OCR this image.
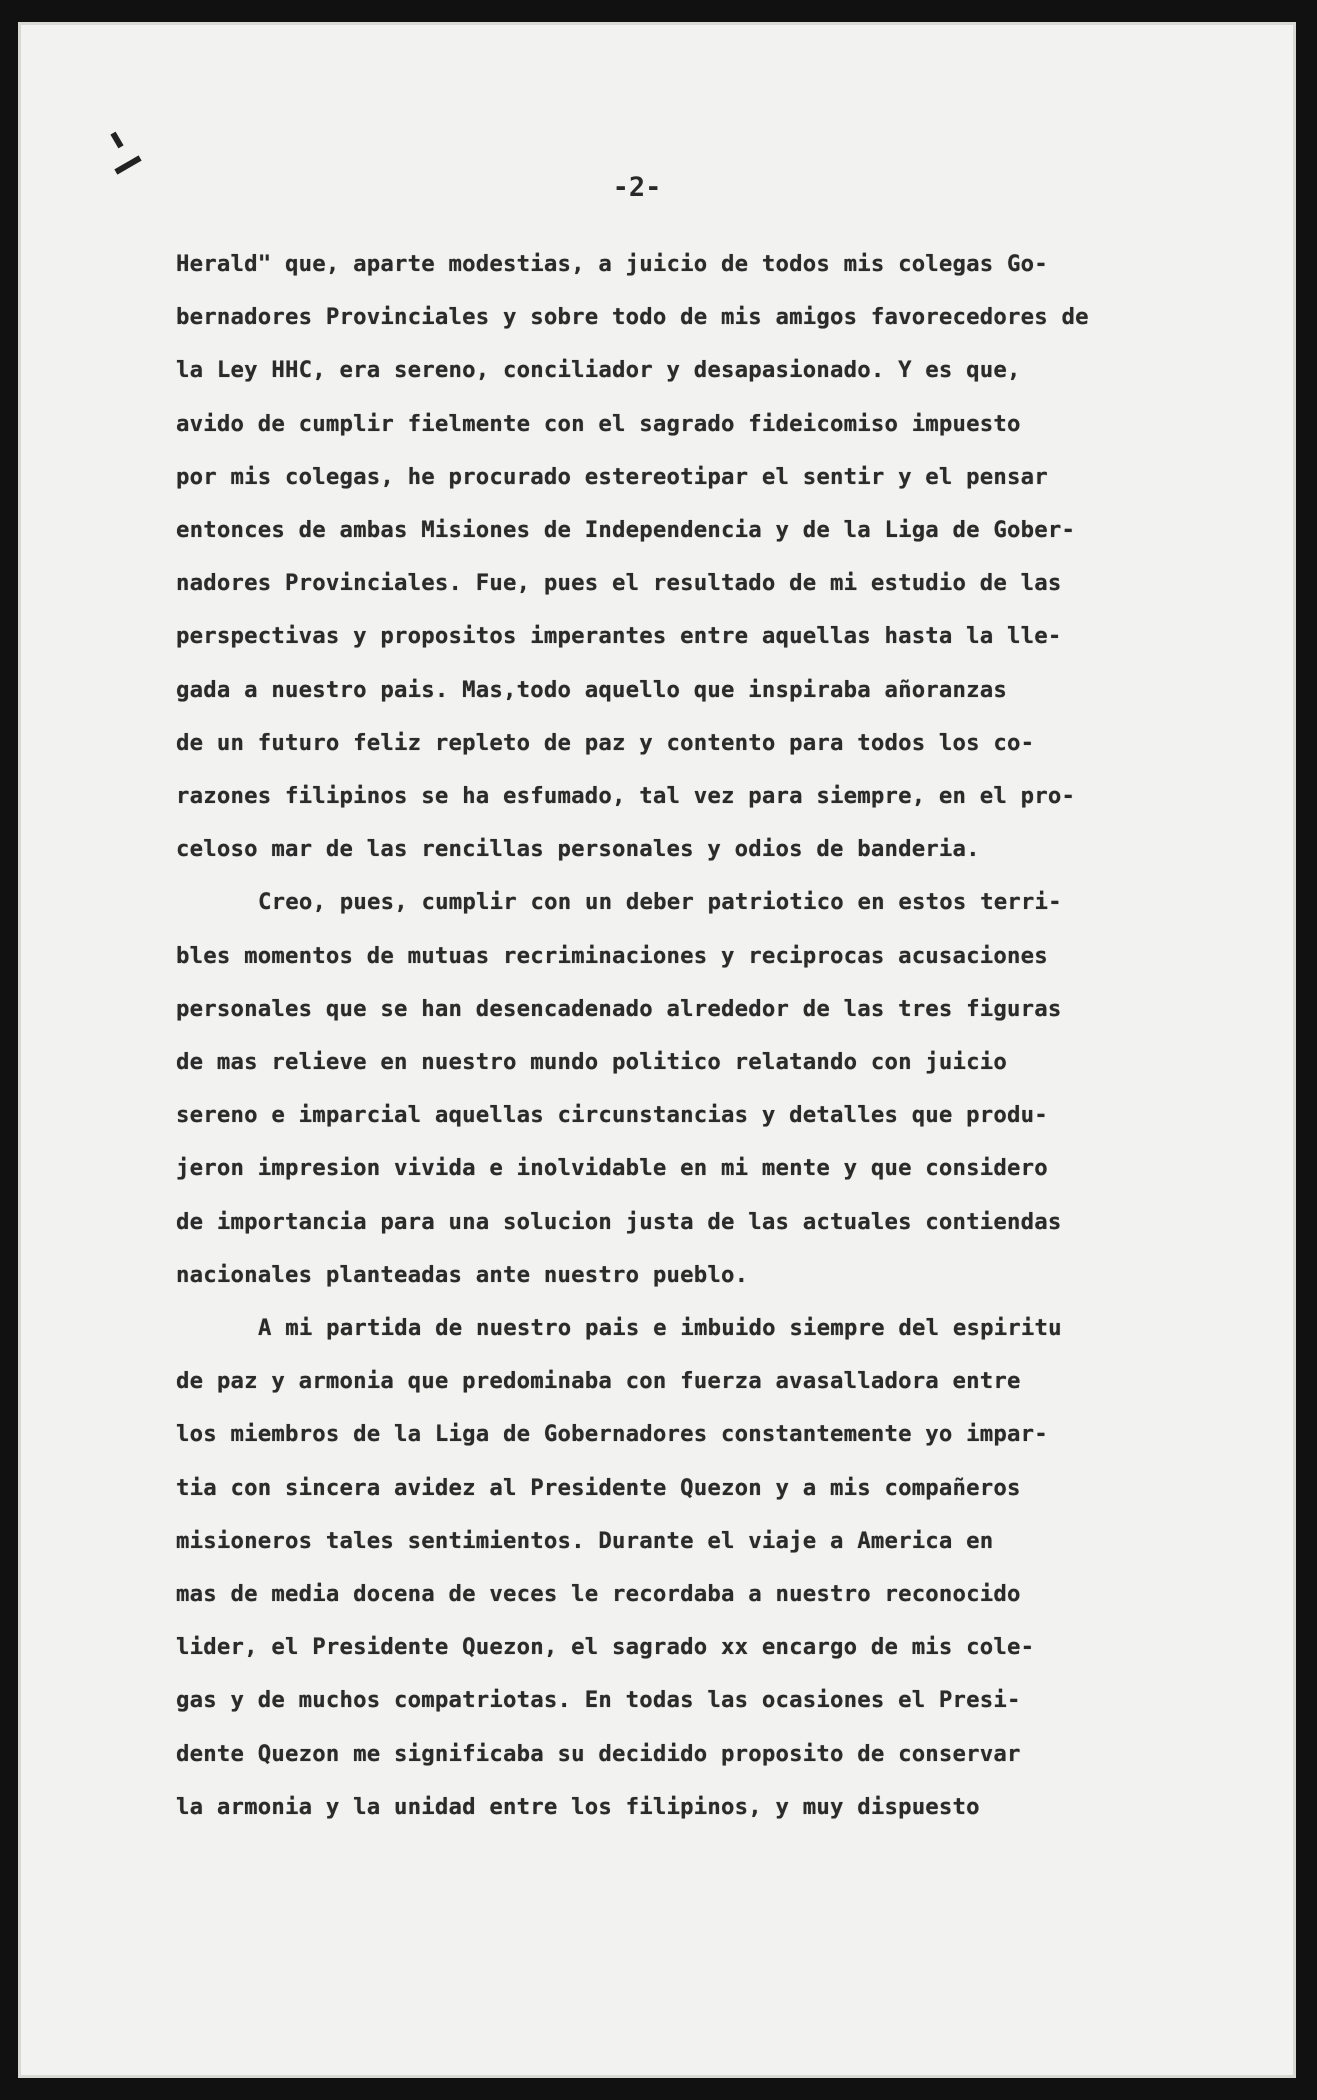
-2-
Herald" que, aparte modestias, a juicio de todos mis colegas Go-
bernadores Provinciales y sobre todo de mis amigos favorecedores de
la Ley HHC, era sereno, conciliador y desapasionado. Y es que,
avido de cumplir fielmente con el sagrado fideicomiso impuesto
por mis colegas, he procurado estereotipar el sentir y el pensar
entonces de ambas Misiones de Independencia y de la Liga de Gober-
nadores Provinciales. Fue, pues el resultado de mi estudio de las
perspectivas y propositos imperantes entre aquellas hasta la lle-
gada a nuestro pais. Mas,todo aquello que inspiraba añoranzas
de un futuro feliz repleto de paz y contento para todos los co-
razones filipinos se ha esfumado, tal vez para siempre, en el pro-
celoso mar de las rencillas personales y odios de banderia.
Creo, pues, cumplir con un deber patriotico en estos terri-
bles momentos de mutuas recriminaciones y reciprocas acusaciones
personales que se han desencadenado alrededor de las tres figuras
de mas relieve en nuestro mundo politico relatando con juicio
sereno e imparcial aquellas circunstancias y detalles que produ-
jeron impresion vivida e inolvidable en mi mente y que considero
de importancia para una solucion justa de las actuales contiendas
nacionales planteadas ante nuestro pueblo.
A mi partida de nuestro pais e imbuido siempre del espiritu
de paz y armonia que predominaba con fuerza avasalladora entre
los miembros de la Liga de Gobernadores constantemente yo impar-
tia con sincera avidez al Presidente Quezon y a mis compañeros
misioneros tales sentimientos. Durante el viaje a America en
mas de media docena de veces le recordaba a nuestro reconocido
lider, el Presidente Quezon, el sagrado xx encargo de mis cole-
gas y de muchos compatriotas. En todas las ocasiones el Presi-
dente Quezon me significaba su decidido proposito de conservar
la armonia y la unidad entre los filipinos, y muy dispuesto
